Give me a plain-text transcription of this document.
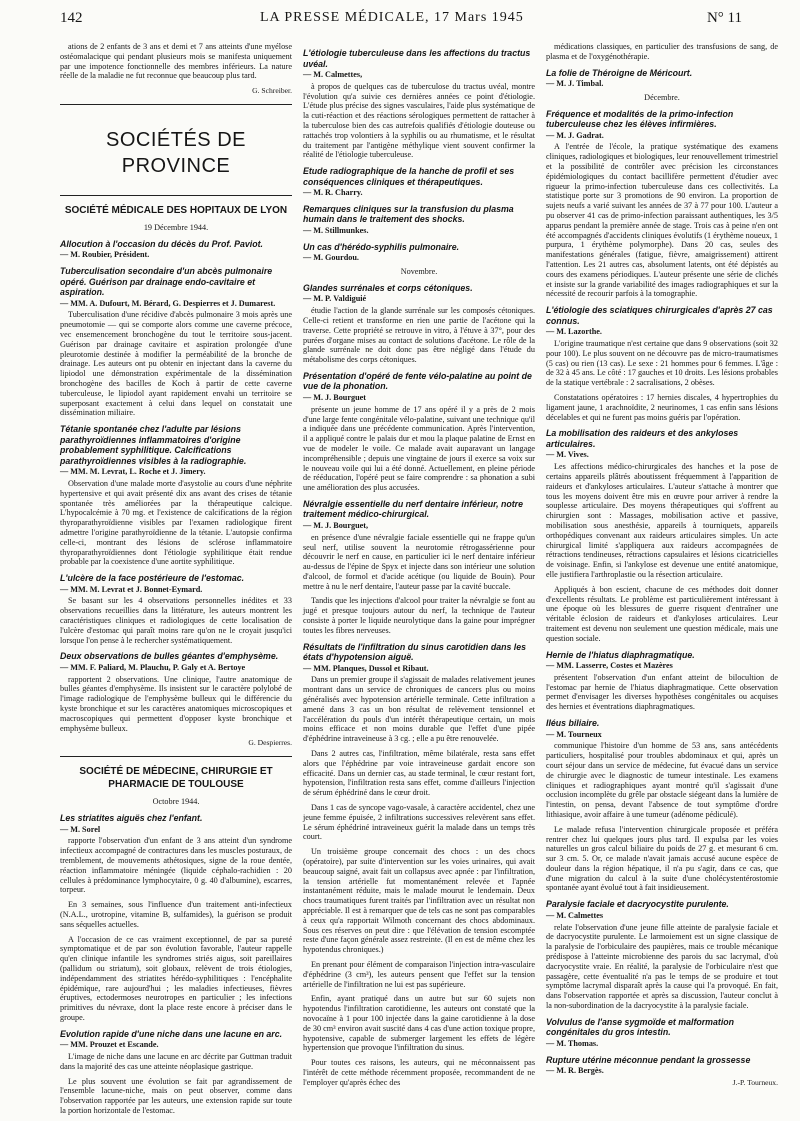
142	LA PRESSE MÉDICALE, 17 Mars 1945	N° 11

ations de 2 enfants de 3 ans et demi et 7 ans atteints d'une myélose ostéomalacique qui pendant plusieurs mois se manifesta uniquement par une impotence fonctionnelle des membres inférieurs. La nature réelle de la maladie ne fut reconnue que beaucoup plus tard.

G. Schreiber.
SOCIÉTÉS DE PROVINCE
SOCIÉTÉ MÉDICALE DES HOPITAUX DE LYON
19 Décembre 1944.
Allocution à l'occasion du décès du Prof. Paviot.
— M. Roubier, Président.
Tuberculisation secondaire d'un abcès pulmonaire opéré. Guérison par drainage endo-cavitaire et aspiration.
— MM. A. Dufourt, M. Bérard, G. Despierres et J. Dumarest.

Tuberculisation d'une récidive d'abcès pulmonaire 3 mois après une pneumotomie — qui se comporte alors comme une caverne précoce, vec ensemencement bronchogène du tout le territoire sous-jacent. Guérison par drainage cavitaire et aspiration prolongée d'une pleurotomie destinée à modifier la perméabilité de la bronche de drainage. Les auteurs ont pu obtenir en injectant dans la caverne du lipiodol une démonstration expérimentale de la dissémination bronchogène des bacilles de Koch à partir de cette caverne tuberculeuse, le lipiodol ayant rapidement envahi un territoire se superposant exactement à celui dans lequel on constatait une dissémination miliaire.

Tétanie spontanée chez l'adulte par lésions parathyroïdiennes inflammatoires d'origine probablement syphilitique. Calcifications parathyroïdiennes visibles à la radiographie.
— MM. M. Levrat, L. Roche et J. Jimery.

Observation d'une malade morte d'asystolie au cours d'une néphrite hypertensive et qui avait présenté dix ans avant des crises de tétanie spontanée très améliorées par la thérapeutique calcique. L'hypocalcémie à 70 mg. et l'existence de calcifications de la région thyroparathyroïdienne visibles par l'examen radiologique firent admettre l'origine parathyroïdienne de la tétanie. L'autopsie confirma celle-ci, montrant des lésions de sclérose inflammatoire thyroparathyroïdiennes dont l'étiologie syphilitique était rendue probable par la coexistence d'une aortite syphilitique.

L'ulcère de la face postérieure de l'estomac.
— MM. M. Levrat et J. Bonnet-Eymard.

Se basant sur les 4 observations personnelles inédites et 33 observations recueillies dans la littérature, les auteurs montrent les caractéristiques cliniques et radiologiques de cette localisation de l'ulcère d'estomac qui paraît moins rare qu'on ne le croyait jusqu'ici lorsque l'on pense à le rechercher systématiquement.

Deux observations de bulles géantes d'emphysème.
— MM. F. Paliard, M. Plauchu, P. Galy et A. Bertoye

rapportent 2 observations. Une clinique, l'autre anatomique de bulles géantes d'emphysème. Ils insistent sur le caractère polylobé de l'image radiologique de l'emphysème bulleux qui le différencie du kyste bronchique et sur les caractères anatomiques microscopiques et macroscopiques qui permettent d'opposer kyste bronchique et emphysème bulleux.

G. Despierres.
SOCIÉTÉ DE MÉDECINE, CHIRURGIE ET PHARMACIE DE TOULOUSE
Octobre 1944.
Les striatites aiguës chez l'enfant.
— M. Sorel

rapporte l'observation d'un enfant de 3 ans atteint d'un syndrome infectieux accompagné de contractures dans les muscles posturaux, de tremblement, de mouvements athétosiques, signe de la roue dentée, réaction inflammatoire méningée (liquide céphalo-rachidien : 20 cellules à prédominance lymphocytaire, 0 g. 40 d'albumine), escarres, torpeur.

En 3 semaines, sous l'influence d'un traitement anti-infectieux (N.A.L., urotropine, vitamine B, sulfamides), la guérison se produit sans séquelles actuelles.

A l'occasion de ce cas vraiment exceptionnel, de par sa pureté symptomatique et de par son évolution favorable, l'auteur rappelle qu'en clinique infantile les syndromes striés aigus, soit pareillaires (pallidum ou striatum), soit globaux, relèvent de trois étiologies, indépendamment des striatites hérédo-syphilitiques : l'encéphalite épidémique, rare aujourd'hui ; les maladies infectieuses, fièvres éruptives, ectodermoses neurotropes en particulier ; les infections primitives du névraxe, dont la place reste encore à préciser dans le groupe.

Evolution rapide d'une niche dans une lacune en arc.
— MM. Prouzet et Escande.

L'image de niche dans une lacune en arc décrite par Guttman traduit dans la majorité des cas une atteinte néoplasique gastrique.

Le plus souvent une évolution se fait par agrandissement de l'ensemble lacune-niche, mais on peut observer, comme dans l'observation rapportée par les auteurs, une extension rapide sur toute la portion horizontale de l'estomac.

L'étiologie tuberculeuse dans les affections du tractus uvéal.
— M. Calmettes,

à propos de quelques cas de tuberculose du tractus uvéal, montre l'évolution qu'a suivie ces dernières années ce point d'étiologie. L'étude plus précise des signes vasculaires, l'aide plus systématique de la cuti-réaction et des réactions sérologiques permettent de rattacher à la tuberculose bien des cas autrefois qualifiés d'étiologie douteuse ou rattachés trop volontiers à la syphilis ou au rhumatisme, et le résultat du traitement par l'antigène méthylique vient souvent confirmer la réalité de l'étiologie tuberculeuse.

Etude radiographique de la hanche de profil et ses conséquences cliniques et thérapeutiques.
— M. R. Charry.
Remarques cliniques sur la transfusion du plasma humain dans le traitement des shocks.
— M. Stillmunkes.
Un cas d'hérédo-syphilis pulmonaire.
— M. Gourdou.
Novembre.
Glandes surrénales et corps cétoniques.
— M. P. Valdiguié

étudie l'action de la glande surrénale sur les composés cétoniques. Celle-ci retient et transforme en rien une partie de l'acétone qui la traverse. Cette propriété se retrouve in vitro, à l'étuve à 37°, pour des purées d'organe mises au contact de solutions d'acétone. Le rôle de la glande surrénale ne doit donc pas être négligé dans l'étude du métabolisme des corps cétoniques.

Présentation d'opéré de fente vélo-palatine au point de vue de la phonation.
— M. J. Bourguet

présente un jeune homme de 17 ans opéré il y a près de 2 mois d'une large fente congénitale vélo-palatine, suivant une technique qu'il a indiquée dans une précédente communication. Après l'intervention, il a appliqué contre le palais dur et mou la plaque palatine de Ernst en vue de modeler le voile. Ce malade avait auparavant un langage incompréhensible ; depuis une vingtaine de jours il exerce sa voix sur le nouveau voile qui lui a été donné. Actuellement, en pleine période de rééducation, l'opéré peut se faire comprendre : sa phonation a subi une amélioration des plus accusées.

Névralgie essentielle du nerf dentaire inférieur, notre traitement médico-chirurgical.
— M. J. Bourguet,

en présence d'une névralgie faciale essentielle qui ne frappe qu'un seul nerf, utilise souvent la neurotomie rétrogassérienne pour découvrir le nerf en cause, en particulier ici le nerf dentaire inférieur au-dessus de l'épine de Spyx et injecte dans son intérieur une solution d'alcool, de formol et d'acide acétique (ou liquide de Bouin). Pour mettre à nu le nerf dentaire, l'auteur passe par la cavité buccale.

Tandis que les injections d'alcool pour traiter la névralgie se font au jugé et presque toujours autour du nerf, la technique de l'auteur consiste à porter le liquide neurolytique dans la gaine pour imprégner toutes les fibres nerveuses.

Résultats de l'infiltration du sinus carotidien dans les états d'hypotension aiguë.
— MM. Planques, Dussol et Ribaut.

Dans un premier groupe il s'agissait de malades relativement jeunes montrant dans un service de chroniques de cancers plus ou moins généralisés avec hypotension artérielle terminale. Cette infiltration a amené dans 3 cas un bon résultat de relèvement tensionnel et l'accélération du pouls d'un intérêt thérapeutique certain, un mois moins efficace et non moins durable que l'effet d'une pipée d'éphédrine intraveineuse à 3 cg. ; elle a pu être renouvelée.

Dans 2 autres cas, l'infiltration, même bilatérale, resta sans effet alors que l'éphédrine par voie intraveineuse gardait encore son efficacité. Dans un dernier cas, au stade terminal, le cœur restant fort, hypotension, l'infiltration resta sans effet, comme d'ailleurs l'injection de sérum éphédriné dans le cœur droit.

Dans 1 cas de syncope vago-vasale, à caractère accidentel, chez une jeune femme épuisée, 2 infiltrations successives relevèrent sans effet. Le sérum éphédriné intraveineux guérit la malade dans un temps très court.

Un troisième groupe concernait des chocs : un des chocs (opératoire), par suite d'intervention sur les voies urinaires, qui avait beaucoup saigné, avait fait un collapsus avec apnée : par l'infiltration, la tension artérielle fut momentanément relevée et l'apnée instantanément réduite, mais le malade mourut le lendemain. Deux chocs traumatiques furent traités par l'infiltration avec un résultat non appréciable. Il est à remarquer que de tels cas ne sont pas comparables à ceux qu'a rapportait Wilmoth concernant des chocs abdominaux. Sous ces réserves on peut dire : que l'élévation de tension escomptée reste d'une façon générale assez restreinte. (Il en est de même chez les hypotendus chroniques.)

En prenant pour élément de comparaison l'injection intra-vasculaire d'éphédrine (3 cm³), les auteurs pensent que l'effet sur la tension artérielle de l'infiltration ne lui est pas supérieure.

Enfin, ayant pratiqué dans un autre but sur 60 sujets non hypotendus l'infiltration carotidienne, les auteurs ont constaté que la novocaïne à 1 pour 100 injectée dans la gaine carotidienne à la dose de 30 cm³ environ avait suscité dans 4 cas d'une action toxique propre, hypotensive, capable de submerger largement les effets de légère hypertension que provoque l'infiltration du sinus.

Pour toutes ces raisons, les auteurs, qui ne méconnaissent pas l'intérêt de cette méthode récemment proposée, recommandent de ne l'employer qu'après échec des

médications classiques, en particulier des transfusions de sang, de plasma et de l'oxygénothérapie.

La folie de Théroigne de Méricourt.
— M. J. Timbal.
Décembre.
Fréquence et modalités de la primo-infection tuberculeuse chez les élèves infirmières.
— M. J. Gadrat.

A l'entrée de l'école, la pratique systématique des examens cliniques, radiologiques et biologiques, leur renouvellement trimestriel et la possibilité de contrôler avec précision les circonstances épidémiologiques du contact bacillifère permettent d'étudier avec rigueur la primo-infection tuberculeuse dans ces collectivités. La statistique porte sur 3 promotions de 90 environ. La proportion de sujets neufs a varié suivant les années de 37 à 77 pour 100. L'auteur a pu observer 41 cas de primo-infection paraissant authentiques, les 3/5 apparus pendant la première année de stage. Trois cas à peine n'en ont été accompagnés d'accidents cliniques évolutifs (1 érythème noueux, 1 purpura, 1 érythème polymorphe). Dans 20 cas, seules des manifestations générales (fatigue, fièvre, amaigrissement) attirent l'attention. Les 21 autres cas, absolument latents, ont été dépistés au cours des examens périodiques. L'auteur présente une série de clichés et insiste sur la grande variabilité des images radiographiques et sur la nécessité de recourir parfois à la tomographie.

L'étiologie des sciatiques chirurgicales d'après 27 cas connus.
— M. Lazorthe.

L'origine traumatique n'est certaine que dans 9 observations (soit 32 pour 100). Le plus souvent on ne découvre pas de micro-traumatismes (5 cas) ou rien (13 cas). Le sexe : 21 hommes pour 6 femmes. L'âge : de 32 à 45 ans. Le côté : 17 gauches et 10 droits. Les lésions probables de la statique vertébrale : 2 sacralisations, 2 obèses.

Constatations opératoires : 17 hernies discales, 4 hypertrophies du ligament jaune, 1 arachnoïdite, 2 neurinomes, 1 cas enfin sans lésions décelables et qui ne furent pas moins guéris par l'opération.

La mobilisation des raideurs et des ankyloses articulaires.
— M. Vives.

Les affections médico-chirurgicales des hanches et la pose de certains appareils plâtrés aboutissent fréquemment à l'apparition de raideurs et d'ankyloses articulaires. L'auteur s'attache à montrer que tous les moyens doivent être mis en œuvre pour arriver à rendre la souplesse articulaire. Des moyens thérapeutiques qui s'offrent au chirurgien sont : Massages, mobilisation active et passive, mobilisation sous anesthésie, appareils à tourniquets, appareils orthopédiques convenant aux raideurs articulaires simples. Un acte chirurgical limité s'appliquera aux raideurs accompagnées de rétractions tendineuses, rétractions capsulaires et lésions cicatricielles de voisinage. Enfin, si l'ankylose est devenue une entité anatomique, elle justifiera l'arthroplastie ou la résection articulaire.

Appliqués à bon escient, chacune de ces méthodes doit donner d'excellents résultats. Le problème est particulièrement intéressant à une époque où les blessures de guerre risquent d'entraîner une véritable éclosion de raideurs et d'ankyloses articulaires. Leur traitement est devenu non seulement une question médicale, mais une question sociale.

Hernie de l'hiatus diaphragmatique.
— MM. Lasserre, Costes et Mazères

présentent l'observation d'un enfant atteint de bilocultion de l'estomac par hernie de l'hiatus diaphragmatique. Cette observation permet d'envisager les diverses hypothèses congénitales ou acquises des hernies et éventrations diaphragmatiques.

Iléus biliaire.
— M. Tourneux

communique l'histoire d'un homme de 53 ans, sans antécédents particuliers, hospitalisé pour troubles abdominaux et qui, après un court séjour dans un service de médecine, fut évacué dans un service de chirurgie avec le diagnostic de tumeur intestinale. Les examens cliniques et radiographiques ayant montré qu'il s'agissait d'une occlusion incomplète du grêle par obstacle siégeant dans la lumière de l'intestin, on pensa, devant l'absence de tout symptôme d'ordre lithiasique, avoir affaire à une tumeur (adénome pédiculé).

Le malade refusa l'intervention chirurgicale proposée et préféra rentrer chez lui quelques jours plus tard. Il expulsa par les voies naturelles un gros calcul biliaire du poids de 27 g. et mesurant 6 cm. sur 3 cm. 5. Or, ce malade n'avait jamais accusé aucune espèce de douleur dans la région hépatique, il n'a pu s'agir, dans ce cas, que d'une migration du calcul à la suite d'une cholécystentérostomie spontanée ayant évolué tout à fait insidieusement.

Paralysie faciale et dacryocystite purulente.
— M. Calmettes

relate l'observation d'une jeune fille atteinte de paralysie faciale et de dacryocystite purulente. Le larmoiement est un signe classique de la paralysie de l'orbiculaire des paupières, mais ce trouble mécanique prédispose à l'atteinte microbienne des parois du sac lacrymal, d'où dacryocystite vraie. En réalité, la paralysie de l'orbiculaire n'est que passagère, cette éventualité n'a pas le temps de se produire et tout symptôme lacrymal disparaît après la cause qui l'a provoqué. En fait, dans l'observation rapportée et après sa discussion, l'auteur conclut à la non-subordination de la dacryocystite à la paralysie faciale.

Volvulus de l'anse sygmoïde et malformation congénitales du gros intestin.
— M. Thomas.
Rupture utérine méconnue pendant la grossesse
— M. R. Bergès.
J.-P. Tourneux.
